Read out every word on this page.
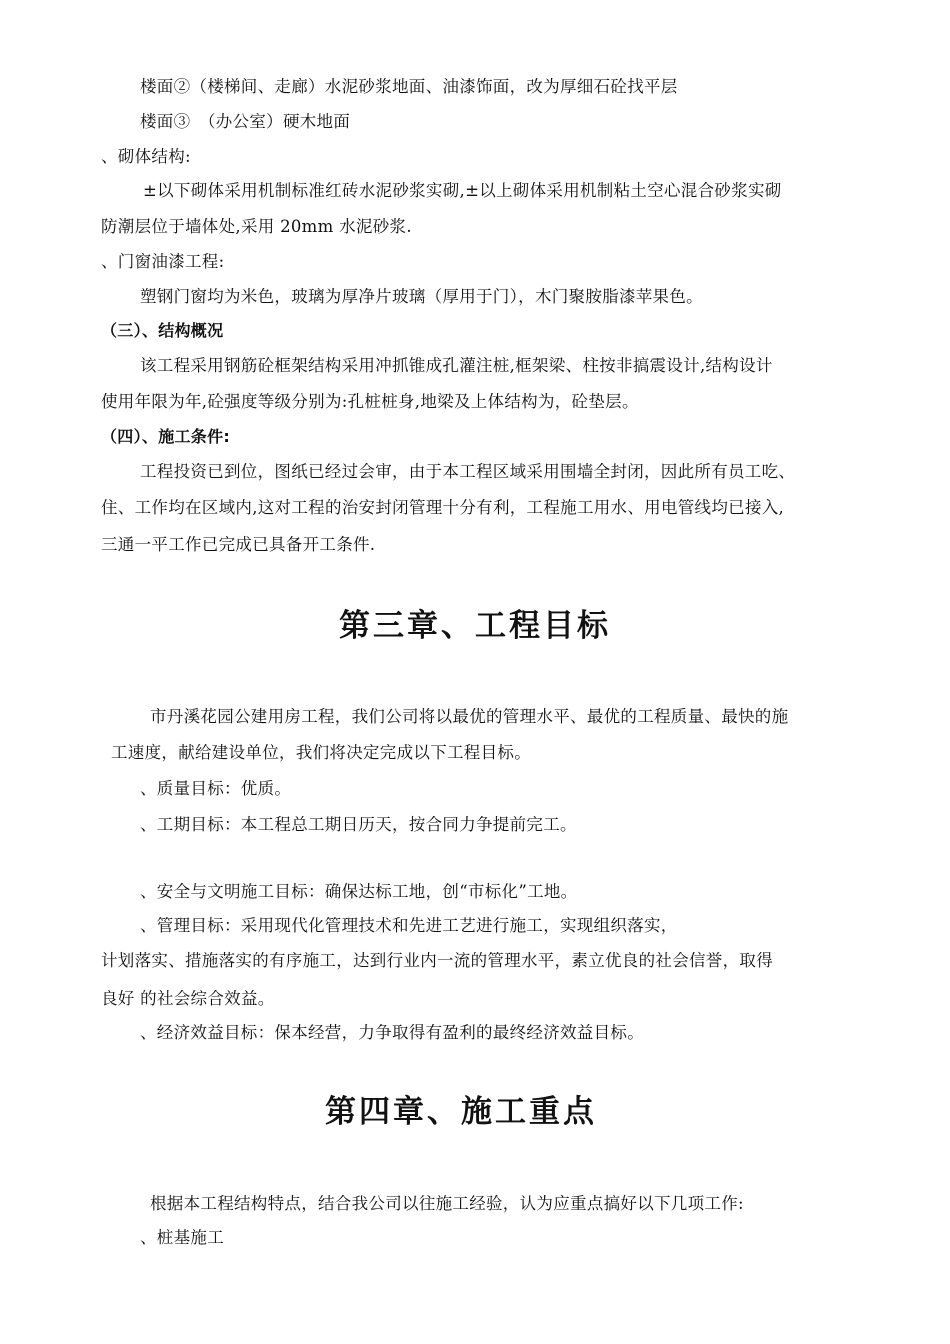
楼面②（楼梯间、走廊）水泥砂浆地面、油漆饰面，改为厚细石砼找平层
楼面③　（办公室）硬木地面
、砌体结构:
±以下砌体采用机制标准红砖水泥砂浆实砌,±以上砌体采用机制粘土空心混合砂浆实砌
防潮层位于墙体处,采用 20mm 水泥砂浆.
、门窗油漆工程:
塑钢门窗均为米色，玻璃为厚净片玻璃（厚用于门），木门聚胺脂漆苹果色。
（三）、结构概况
该工程采用钢筋砼框架结构采用冲抓锥成孔灌注桩,框架梁、柱按非搞震设计,结构设计
使用年限为年,砼强度等级分别为:孔桩桩身,地梁及上体结构为，砼垫层。
（四）、施工条件:
工程投资已到位，图纸已经过会审，由于本工程区域采用围墙全封闭，因此所有员工吃、
住、工作均在区域内,这对工程的治安封闭管理十分有利，工程施工用水、用电管线均已接入,
三通一平工作已完成已具备开工条件.
第三章、工程目标
市丹溪花园公建用房工程，我们公司将以最优的管理水平、最优的工程质量、最快的施
工速度，献给建设单位，我们将决定完成以下工程目标。
、质量目标：优质。
、工期目标：本工程总工期日历天，按合同力争提前完工。
、安全与文明施工目标：确保达标工地，创“市标化”工地。
、管理目标：采用现代化管理技术和先进工艺进行施工，实现组织落实，
计划落实、措施落实的有序施工，达到行业内一流的管理水平，素立优良的社会信誉，取得
良好 的社会综合效益。
、经济效益目标：保本经营，力争取得有盈利的最终经济效益目标。
第四章、施工重点
根据本工程结构特点，结合我公司以往施工经验，认为应重点搞好以下几项工作:
、桩基施工
